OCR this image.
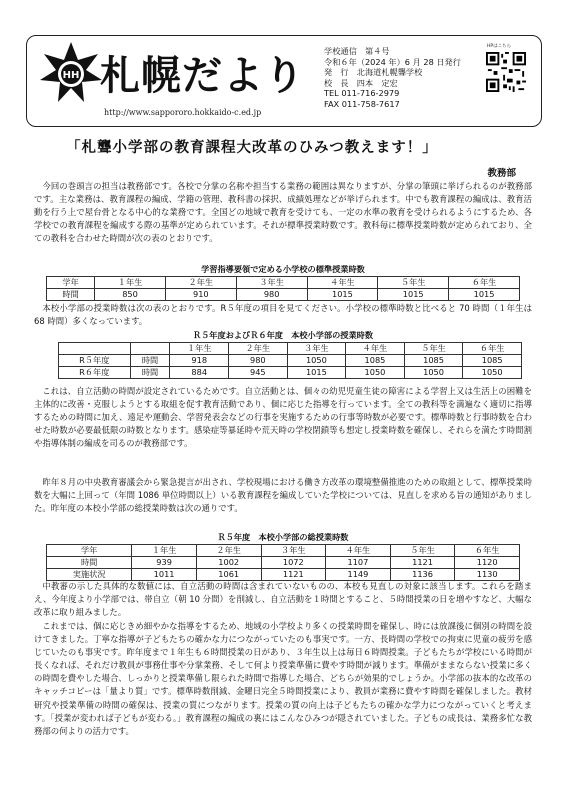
HH 札幌だより
http://www.sappororo.hokkaido-c.ed.jp
学校通信　第４号
令和６年（2024 年）6 月 28 日発行
発　行　北海道札幌聾学校
校　長　四本　定宏
TEL 011-716-2979
FAX 011-758-7617
HPはこちら
「札聾小学部の教育課程大改革のひみつ教えます！」
教務部
今回の巻頭言の担当は教務部です。各校で分掌の名称や担当する業務の範囲は異なりますが、分掌の筆頭に挙げられるのが教務部です。主な業務は、教育課程の編成、学籍の管理、教科書の採択、成績処理などが挙げられます。中でも教育課程の編成は、教育活動を行う上で屋台骨となる中心的な業務です。全国どの地域で教育を受けても、一定の水準の教育を受けられるようにするため、各学校での教育課程を編成する際の基準が定められています。それが標準授業時数です。教科毎に標準授業時数が定められており、全ての教科を合わせた時間が次の表のとおりです。
学習指導要領で定める小学校の標準授業時数
学年	１年生	２年生	３年生	４年生	５年生	６年生
時間	850	910	980	1015	1015	1015
本校小学部の授業時数は次の表のとおりです。R５年度の項目を見てください。小学校の標準時数と比べると 70 時間（１年生は 68 時間）多くなっています。
Ｒ５年度およびＲ６年度　本校小学部の授業時数
		１年生	２年生	３年生	４年生	５年生	６年生
R５年度	時間	918	980	1050	1085	1085	1085
R６年度	時間	884	945	1015	1050	1050	1050
これは、自立活動の時間が設定されているためです。自立活動とは、個々の幼児児童生徒の障害による学習上又は生活上の困難を主体的に改善・克服しようとする取組を促す教育活動であり、個に応じた指導を行っています。全ての教科等を満遍なく適切に指導するための時間に加え、遠足や運動会、学習発表会などの行事を実施するための行事等時数が必要です。標準時数と行事時数を合わせた時数が必要最低限の時数となります。感染症等暴延時や荒天時の学校閉鎖等も想定し授業時数を確保し、それらを満たす時間割や指導体制の編成を司るのが教務部です。
昨年８月の中央教育審議会から緊急提言が出され、学校現場における働き方改革の環境整備推進のための取組として、標準授業時数を大幅に上回って（年間 1086 単位時間以上）いる教育課程を編成していた学校については、見直しを求める旨の通知がありました。昨年度の本校小学部の総授業時数は次の通りです。
Ｒ５年度　本校小学部の総授業時数
学年	１年生	２年生	３年生	４年生	５年生	６年生
時間	939	1002	1072	1107	1121	1120
実施状況	1011	1061	1121	1149	1136	1130
中教審の示した具体的な数値には、自立活動の時間は含まれていないものの、本校も見直しの対象に該当します。これらを踏まえ、今年度より小学部では、帯自立（朝 10 分間）を削減し、自立活動を１時間とすること、５時間授業の日を増やすなど、大幅な改革に取り組みました。
これまでは、個に応じきめ細やかな指導をするため、地域の小学校より多くの授業時間を確保し、時には放課後に個別の時間を設けてきました。丁寧な指導が子どもたちの確かな力につながっていたのも事実です。一方、長時間の学校での拘束に児童の疲労を感じていたのも事実です。昨年度まで１年生も６時間授業の日があり、３年生以上は毎日６時間授業。子どもたちが学校にいる時間が長くなれば、それだけ教員が事務仕事や分掌業務、そして何より授業準備に費やす時間が減ります。準備がままならない授業に多くの時間を費やした場合、しっかりと授業準備し限られた時間で指導した場合、どちらが効果的でしょうか。小学部の抜本的な改革のキャッチコピーは「量より質」です。標準時数削減、金曜日完全５時間授業により、教員が業務に費やす時間を確保しました。教材研究や授業準備の時間の確保は、授業の質につながります。授業の質の向上は子どもたちの確かな学力につながっていくと考えます。「授業が変われば子どもが変わる。」教育課程の編成の裏にはこんなひみつが隠されていました。子どもの成長は、業務多忙な教務部の何よりの活力です。
